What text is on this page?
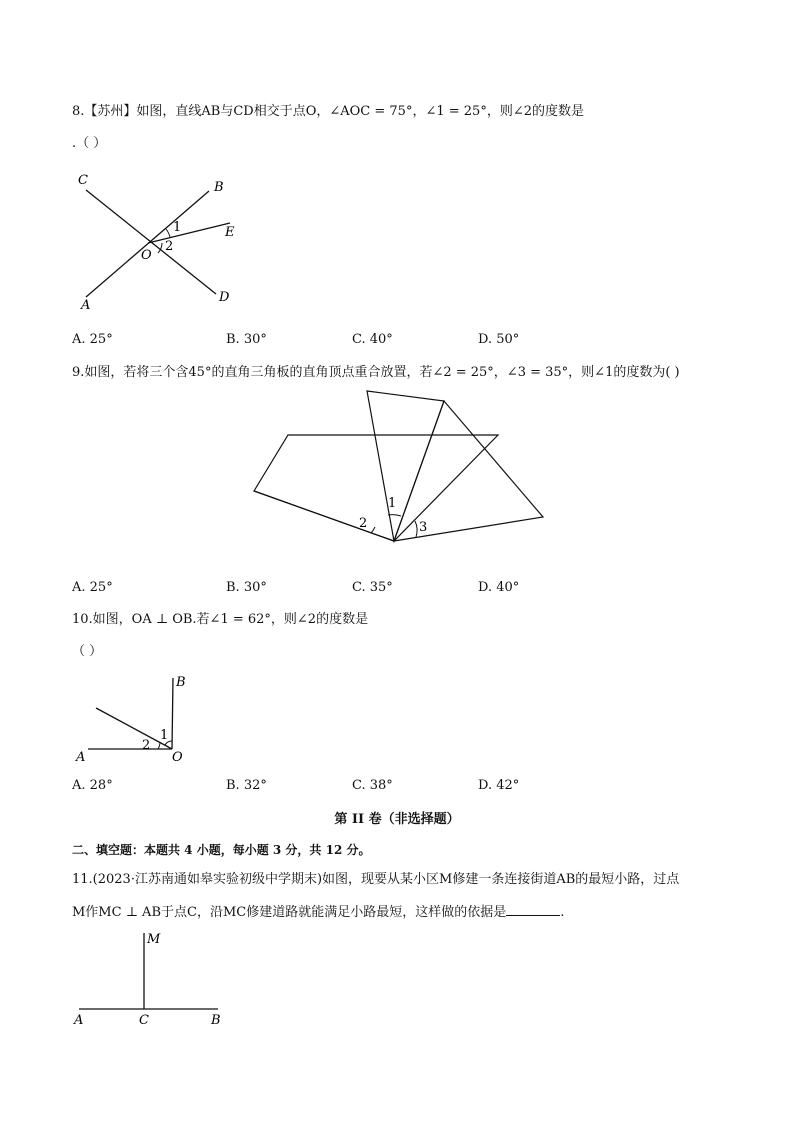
8.【苏州】如图，直线AB与CD相交于点O，∠AOC = 75°，∠1 = 25°，则∠2的度数是
.（ ）
C	B
E
O
A
D
1
2
A. 25°	B. 30°	C. 40°	D. 50°
9.如图，若将三个含45°的直角三角板的直角顶点重合放置，若∠2 = 25°，∠3 = 35°，则∠1的度数为( )
1
2	3
A. 25°	B. 30°	C. 35°	D. 40°
10.如图，OA ⊥ OB.若∠1 = 62°，则∠2的度数是
（ ）
B
A	O
1
2
A. 28°	B. 32°	C. 38°	D. 42°
第 II 卷（非选择题）
二、填空题：本题共 4 小题，每小题 3 分，共 12 分。
11.(2023·江苏南通如皋实验初级中学期末)如图，现要从某小区M修建一条连接街道AB的最短小路，过点
M作MC ⊥ AB于点C，沿MC修建道路就能满足小路最短，这样做的依据是	.
M
A	C	B
